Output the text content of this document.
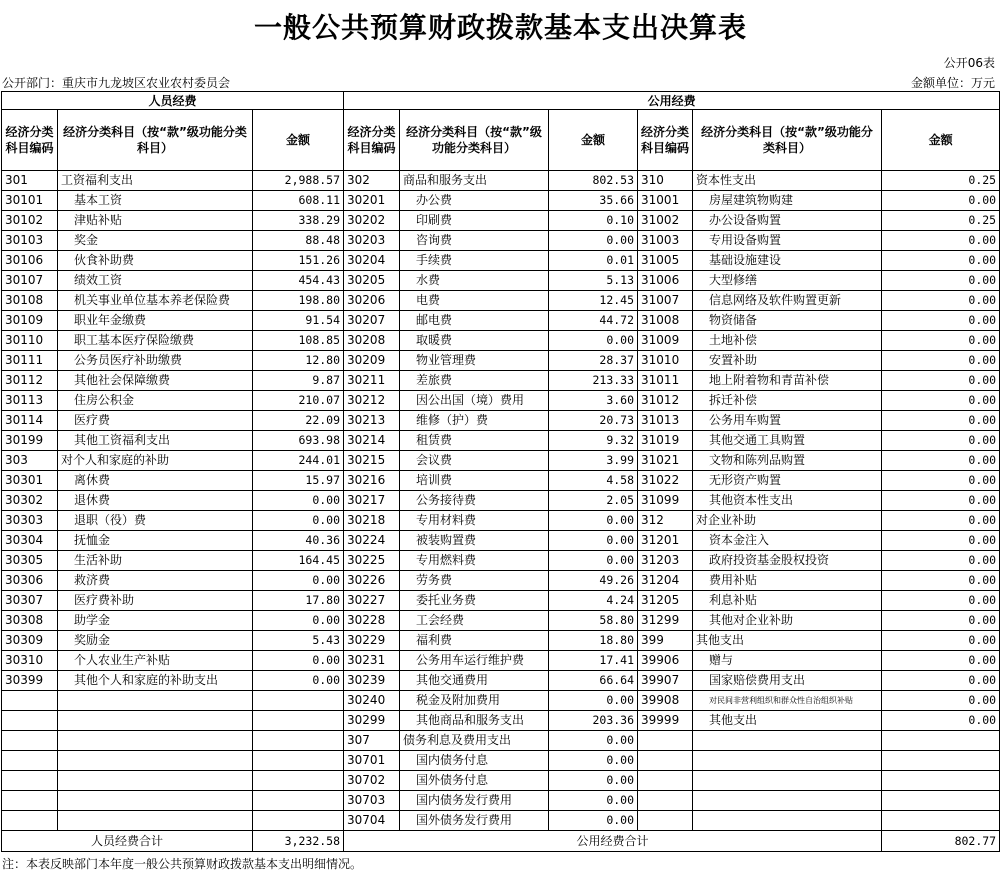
一般公共预算财政拨款基本支出决算表
公开06表
公开部门：重庆市九龙坡区农业农村委员会	金额单位：万元
人员经费			公用经费					
经济分类科目编码	经济分类科目（按“款”级功能分类科目）	金额	经济分类科目编码	经济分类科目（按“款”级功能分类科目）	金额	经济分类科目编码	经济分类科目（按“款”级功能分类科目）	金额
301	工资福利支出	2,988.57	302	商品和服务支出	802.53	310	资本性支出	0.25
30101	基本工资	608.11	30201	办公费	35.66	31001	房屋建筑物购建	0.00
30102	津贴补贴	338.29	30202	印刷费	0.10	31002	办公设备购置	0.25
30103	奖金	88.48	30203	咨询费	0.00	31003	专用设备购置	0.00
30106	伙食补助费	151.26	30204	手续费	0.01	31005	基础设施建设	0.00
30107	绩效工资	454.43	30205	水费	5.13	31006	大型修缮	0.00
30108	机关事业单位基本养老保险费	198.80	30206	电费	12.45	31007	信息网络及软件购置更新	0.00
30109	职业年金缴费	91.54	30207	邮电费	44.72	31008	物资储备	0.00
30110	职工基本医疗保险缴费	108.85	30208	取暖费	0.00	31009	土地补偿	0.00
30111	公务员医疗补助缴费	12.80	30209	物业管理费	28.37	31010	安置补助	0.00
30112	其他社会保障缴费	9.87	30211	差旅费	213.33	31011	地上附着物和青苗补偿	0.00
30113	住房公积金	210.07	30212	因公出国（境）费用	3.60	31012	拆迁补偿	0.00
30114	医疗费	22.09	30213	维修（护）费	20.73	31013	公务用车购置	0.00
30199	其他工资福利支出	693.98	30214	租赁费	9.32	31019	其他交通工具购置	0.00
303	对个人和家庭的补助	244.01	30215	会议费	3.99	31021	文物和陈列品购置	0.00
30301	离休费	15.97	30216	培训费	4.58	31022	无形资产购置	0.00
30302	退休费	0.00	30217	公务接待费	2.05	31099	其他资本性支出	0.00
30303	退职（役）费	0.00	30218	专用材料费	0.00	312	对企业补助	0.00
30304	抚恤金	40.36	30224	被装购置费	0.00	31201	资本金注入	0.00
30305	生活补助	164.45	30225	专用燃料费	0.00	31203	政府投资基金股权投资	0.00
30306	救济费	0.00	30226	劳务费	49.26	31204	费用补贴	0.00
30307	医疗费补助	17.80	30227	委托业务费	4.24	31205	利息补贴	0.00
30308	助学金	0.00	30228	工会经费	58.80	31299	其他对企业补助	0.00
30309	奖励金	5.43	30229	福利费	18.80	399	其他支出	0.00
30310	个人农业生产补贴	0.00	30231	公务用车运行维护费	17.41	39906	赠与	0.00
30399	其他个人和家庭的补助支出	0.00	30239	其他交通费用	66.64	39907	国家赔偿费用支出	0.00
			30240	税金及附加费用	0.00	39908	对民间非营利组织和群众性自治组织补贴	0.00
			30299	其他商品和服务支出	203.36	39999	其他支出	0.00
			307	债务利息及费用支出	0.00			
			30701	国内债务付息	0.00			
			30702	国外债务付息	0.00			
			30703	国内债务发行费用	0.00			
			30704	国外债务发行费用	0.00			
人员经费合计		3,232.58	公用经费合计					802.77
注：本表反映部门本年度一般公共预算财政拨款基本支出明细情况。
